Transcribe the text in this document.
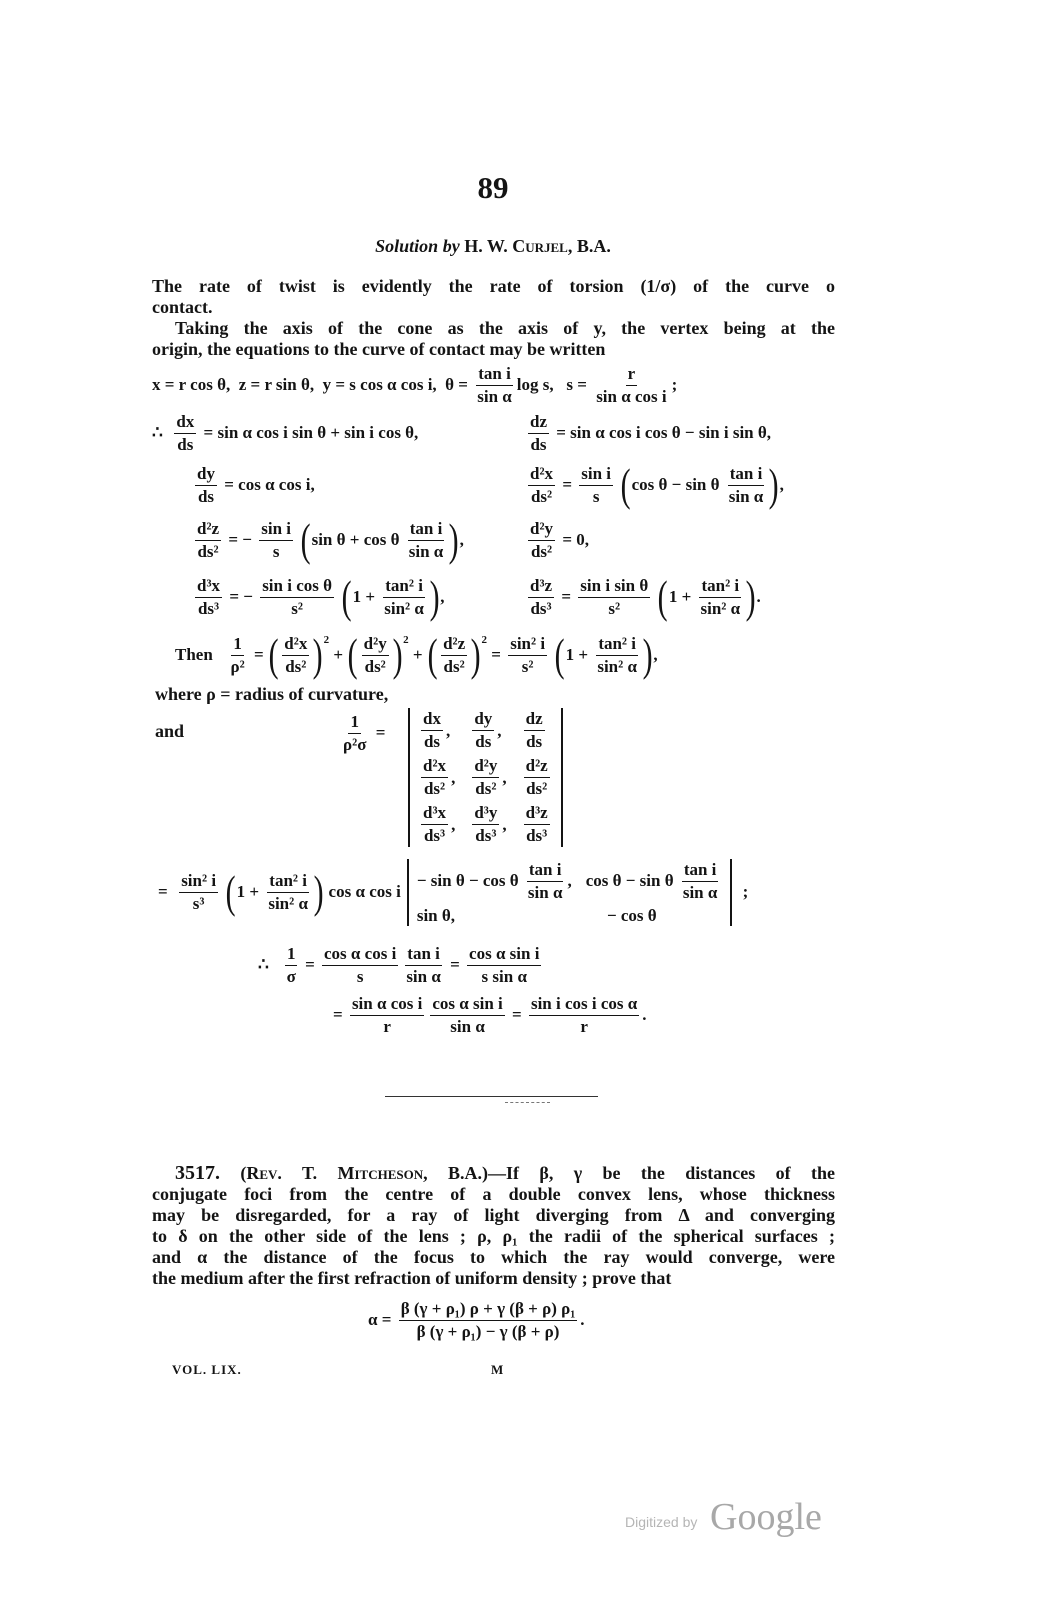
89
Solution by H. W. Curjel, B.A.
The rate of twist is evidently the rate of torsion (1/σ) of the curve o
contact.
Taking the axis of the cone as the axis of y, the vertex being at the
origin, the equations to the curve of contact may be written
x = r cos θ,  z = r sin θ,  y = s cos α cos i,  $\theta = \frac{\text{tan i}}{\text{sin α}}$ log s,   $s = \frac{r}{\text{sin α cos i}}$ ;
∴ $\frac{dx}{ds} = \sin \alpha$ cos i sin θ + sin i cos θ,	$\frac{dz}{ds} = \sin \alpha$ cos i cos θ − sin i sin θ,
$\frac{dy}{ds} = \cos \alpha$ cos i,	$\frac{\text{d²x}}{\text{ds²}} = \frac{\text{sin i}}{s}$
( cos θ − sin θ $\frac{\text{tan i}}{\text{sin α}}$ ) ,
$\frac{\text{d²z}}{\text{ds²}}$ = − $\frac{\text{sin i}}{s}$
( sin θ + cos θ $\frac{\text{tan i}}{\text{sin α}}$ ) ,	$\frac{\text{d²y}}{\text{ds²}} = 0$,
$\frac{\text{d³x}}{\text{ds³}}$ = − $\frac{\text{sin i cos θ}}{\text{s²}}$
( $1 + \frac{\text{tan² i}}{\text{sin² α}}$ ) ,	$\frac{\text{d³z}}{\text{ds³}} = \frac{\text{sin i sin θ}}{\text{s²}}$
( $1 + \frac{\text{tan² i}}{\text{sin² α}}$ ) .
Then $\frac{1}{\text{ρ²}}$ = ( $\frac{\text{d²x}}{\text{ds²}}$ ) 2
+ ( $\frac{\text{d²y}}{\text{ds²}}$ ) 2
+ ( $\frac{\text{d²z}}{\text{ds²}}$ ) 2
= $\frac{\text{sin² i}}{\text{s²}}$
( $1 + \frac{\text{tan² i}}{\text{sin² α}}$ ) ,
where ρ = radius of curvature,
and	$\frac{1}{\text{ρ²σ}} = \frac{dx}{ds}$ , $\frac{dy}{ds}$ , $\frac{dz}{ds}$
$\frac{\text{d²x}}{\text{ds²}}$ , $\frac{\text{d²y}}{\text{ds²}}$ , $\frac{\text{d²z}}{\text{ds²}}$
$\frac{\text{d³x}}{\text{ds³}}$ , $\frac{\text{d³y}}{\text{ds³}}$ , $\frac{\text{d³z}}{\text{ds³}}$
= $\frac{\text{sin² i}}{\text{s³}}$
( $1 + \frac{\text{tan² i}}{\text{sin² α}}$ ) cos α cos i
− sin θ − cos θ $\frac{\text{tan i}}{\text{sin α}}$ , cos θ − sin θ $\frac{\text{tan i}}{\text{sin α}}$
sin θ,	− cos θ
;
∴ $\frac{1}{\sigma} = \frac{\text{cos α cos i}}{s} \frac{\text{tan i}}{\text{sin α}} = \frac{\text{cos α sin i}}{\text{s sin α}}$
= $\frac{\text{sin α cos i}}{r} \frac{\text{cos α sin i}}{\text{sin α}} = \frac{\text{sin i cos i cos α}}{r}$ .
3517. (Rev. T. Mitcheson, B.A.)—If β, γ be the distances of the
conjugate foci from the centre of a double convex lens, whose thickness
may be disregarded, for a ray of light diverging from Δ and converging
to δ on the other side of the lens ; ρ, ρ₁ the radii of the spherical surfaces ;
and α the distance of the focus to which the ray would converge, were
the medium after the first refraction of uniform density ; prove that
$\alpha = \frac{\text{β (γ + ρ₁) ρ + γ (β + ρ) ρ₁}}{\text{β (γ + ρ₁) − γ (β + ρ)}}$ .
VOL. LIX.	M
Digitized by Google
